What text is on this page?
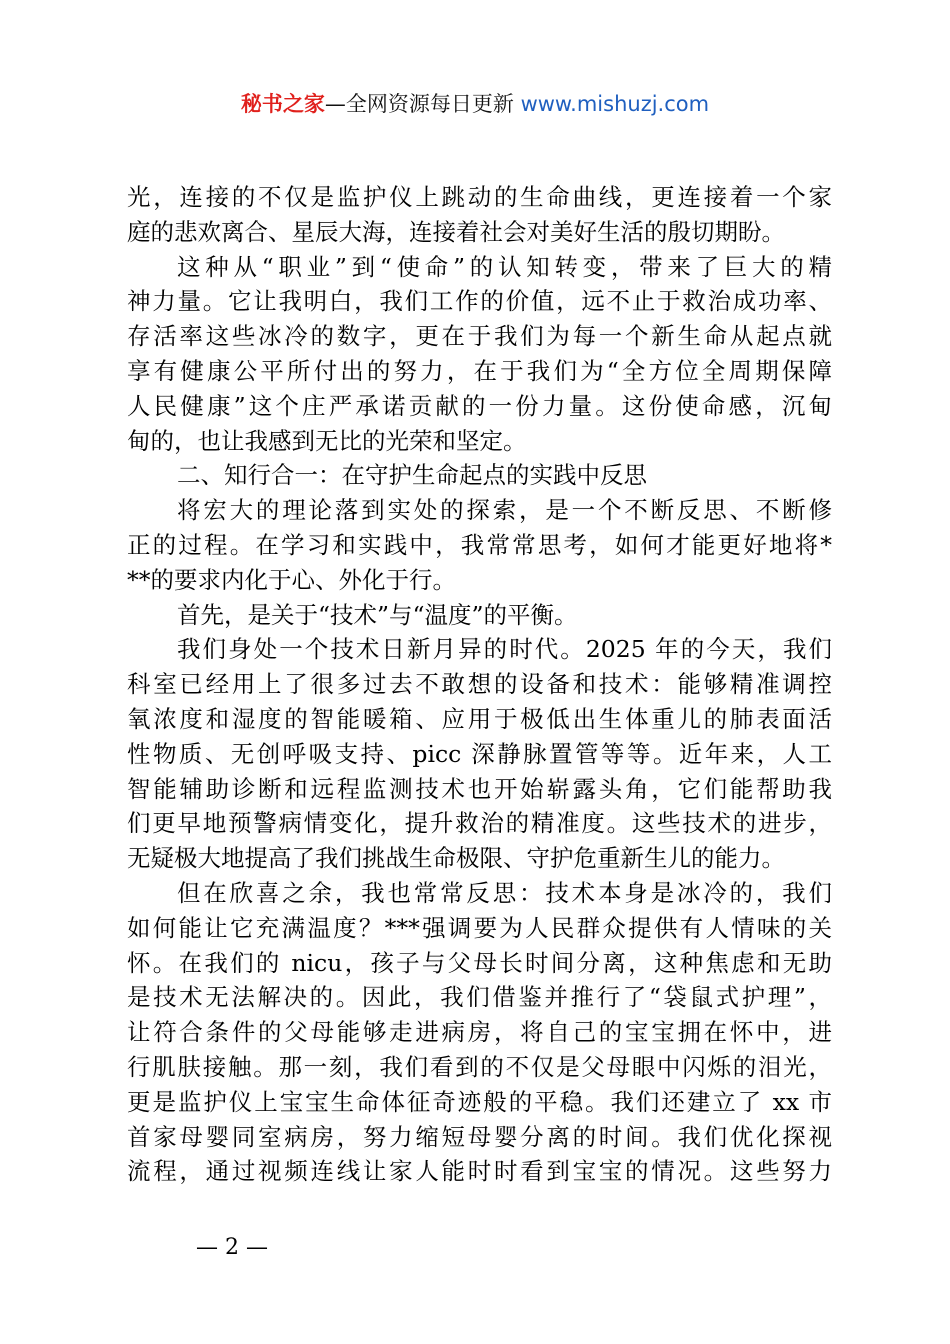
秘书之家—全网资源每日更新 www.mishuzj.com
光，连接的不仅是监护仪上跳动的生命曲线，更连接着一个家
庭的悲欢离合、星辰大海，连接着社会对美好生活的殷切期盼。
这种从“职业”到“使命”的认知转变，带来了巨大的精
神力量。它让我明白，我们工作的价值，远不止于救治成功率、
存活率这些冰冷的数字，更在于我们为每一个新生命从起点就
享有健康公平所付出的努力，在于我们为“全方位全周期保障
人民健康”这个庄严承诺贡献的一份力量。这份使命感，沉甸
甸的，也让我感到无比的光荣和坚定。
二、知行合一：在守护生命起点的实践中反思
将宏大的理论落到实处的探索，是一个不断反思、不断修
正的过程。在学习和实践中，我常常思考，如何才能更好地将*
**的要求内化于心、外化于行。
首先，是关于“技术”与“温度”的平衡。
我们身处一个技术日新月异的时代。2025 年的今天，我们
科室已经用上了很多过去不敢想的设备和技术：能够精准调控
氧浓度和湿度的智能暖箱、应用于极低出生体重儿的肺表面活
性物质、无创呼吸支持、picc 深静脉置管等等。近年来，人工
智能辅助诊断和远程监测技术也开始崭露头角，它们能帮助我
们更早地预警病情变化，提升救治的精准度。这些技术的进步，
无疑极大地提高了我们挑战生命极限、守护危重新生儿的能力。
但在欣喜之余，我也常常反思：技术本身是冰冷的，我们
如何能让它充满温度？***强调要为人民群众提供有人情味的关
怀。在我们的 nicu，孩子与父母长时间分离，这种焦虑和无助
是技术无法解决的。因此，我们借鉴并推行了“袋鼠式护理”，
让符合条件的父母能够走进病房，将自己的宝宝拥在怀中，进
行肌肤接触。那一刻，我们看到的不仅是父母眼中闪烁的泪光，
更是监护仪上宝宝生命体征奇迹般的平稳。我们还建立了 xx 市
首家母婴同室病房，努力缩短母婴分离的时间。我们优化探视
流程，通过视频连线让家人能时时看到宝宝的情况。这些努力
— 2 —
